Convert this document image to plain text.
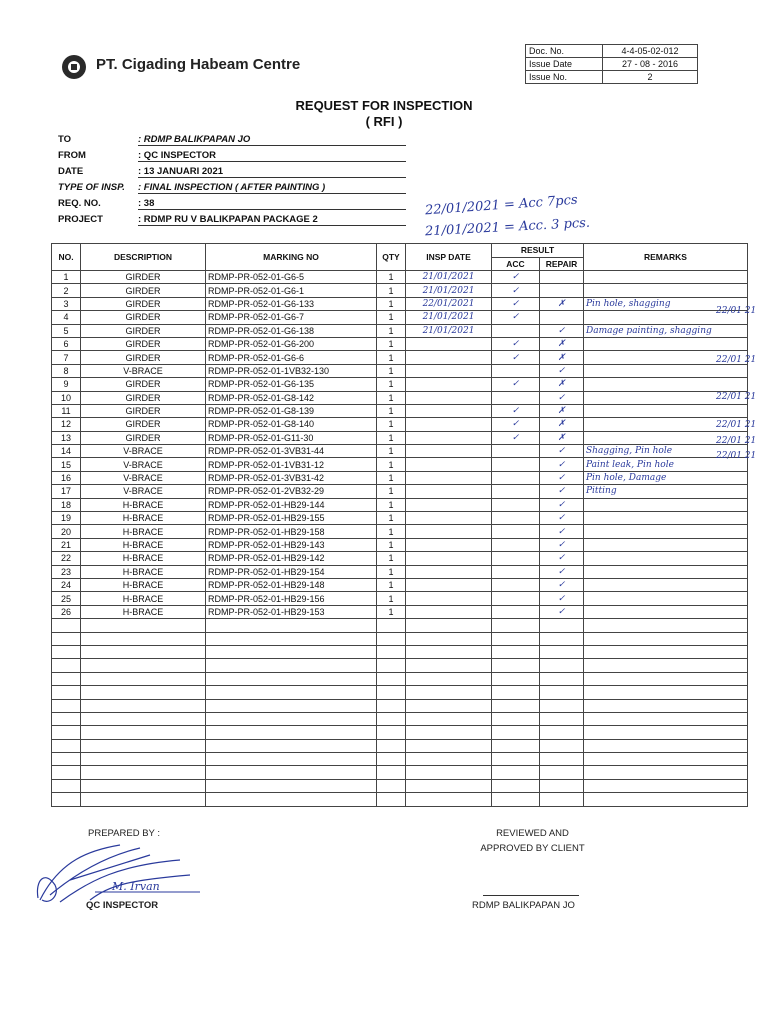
PT. Cigading Habeam Centre
Doc. No.	4-4-05-02-012
Issue Date	27 - 08 - 2016
Issue No.	2
REQUEST FOR INSPECTION
( RFI )
TO	: RDMP BALIKPAPAN JO
FROM	: QC INSPECTOR
DATE	: 13 JANUARI 2021
TYPE OF INSP.	: FINAL INSPECTION ( AFTER PAINTING )
REQ. NO.	: 38
PROJECT	: RDMP RU V BALIKPAPAN PACKAGE 2
22/01/2021 = Acc 7pcs
21/01/2021 = Acc. 3 pcs.
NO.	DESCRIPTION	MARKING NO	QTY	INSP DATE	RESULT		REMARKS
					ACC	REPAIR	
1	GIRDER	RDMP-PR-052-01-G6-5	1	21/01/2021	✓		
2	GIRDER	RDMP-PR-052-01-G6-1	1	21/01/2021	✓		
3	GIRDER	RDMP-PR-052-01-G6-133	1	22/01/2021	✓	✗	Pin hole, shagging
4	GIRDER	RDMP-PR-052-01-G6-7	1	21/01/2021	✓		
5	GIRDER	RDMP-PR-052-01-G6-138	1	21/01/2021		✓	Damage painting, shagging
6	GIRDER	RDMP-PR-052-01-G6-200	1		✓	✗	
7	GIRDER	RDMP-PR-052-01-G6-6	1		✓	✗	
8	V-BRACE	RDMP-PR-052-01-1VB32-130	1			✓	
9	GIRDER	RDMP-PR-052-01-G6-135	1		✓	✗	
10	GIRDER	RDMP-PR-052-01-G8-142	1			✓	
11	GIRDER	RDMP-PR-052-01-G8-139	1		✓	✗	
12	GIRDER	RDMP-PR-052-01-G8-140	1		✓	✗	
13	GIRDER	RDMP-PR-052-01-G11-30	1		✓	✗	
14	V-BRACE	RDMP-PR-052-01-3VB31-44	1			✓	Shagging, Pin hole
15	V-BRACE	RDMP-PR-052-01-1VB31-12	1			✓	Paint leak, Pin hole
16	V-BRACE	RDMP-PR-052-01-3VB31-42	1			✓	Pin hole, Damage
17	V-BRACE	RDMP-PR-052-01-2VB32-29	1			✓	Pitting
18	H-BRACE	RDMP-PR-052-01-HB29-144	1			✓	
19	H-BRACE	RDMP-PR-052-01-HB29-155	1			✓	
20	H-BRACE	RDMP-PR-052-01-HB29-158	1			✓	
21	H-BRACE	RDMP-PR-052-01-HB29-143	1			✓	
22	H-BRACE	RDMP-PR-052-01-HB29-142	1			✓	
23	H-BRACE	RDMP-PR-052-01-HB29-154	1			✓	
24	H-BRACE	RDMP-PR-052-01-HB29-148	1			✓	
25	H-BRACE	RDMP-PR-052-01-HB29-156	1			✓	
26	H-BRACE	RDMP-PR-052-01-HB29-153	1			✓	

22/01 21
22/01 21
22/01 21
22/01 21
22/01 21
22/01 21
PREPARED BY :
M. Irvan
QC INSPECTOR
REVIEWED AND
APPROVED BY CLIENT
RDMP BALIKPAPAN JO
